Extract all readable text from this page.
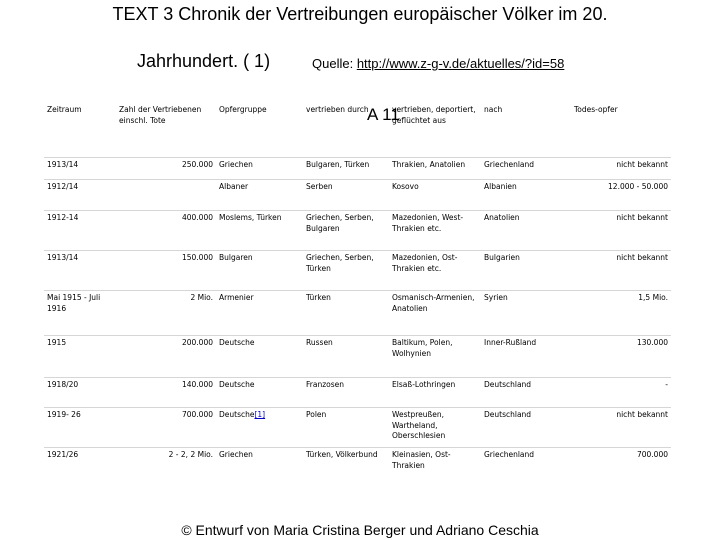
TEXT 3 Chronik der Vertreibungen europäischer Völker im 20.
Jahrhundert. ( 1)	Quelle: http://www.z-g-v.de/aktuelles/?id=58
Zeitraum	Zahl der Vertriebenen einschl. Tote	Opfergruppe	vertrieben durch	vertrieben, deportiert, geflüchtet aus	nach	Todes-opfer
1913/14	250.000	Griechen	Bulgaren, Türken	Thrakien, Anatolien	Griechenland	nicht bekannt
1912/14		Albaner	Serben	Kosovo	Albanien	12.000 - 50.000
1912-14	400.000	Moslems, Türken	Griechen, Serben, Bulgaren	Mazedonien, West-Thrakien etc.	Anatolien	nicht bekannt
1913/14	150.000	Bulgaren	Griechen, Serben, Türken	Mazedonien, Ost-Thrakien etc.	Bulgarien	nicht bekannt
Mai 1915 - Juli 1916	2 Mio.	Armenier	Türken	Osmanisch-Armenien, Anatolien	Syrien	1,5 Mio.
1915	200.000	Deutsche	Russen	Baltikum, Polen, Wolhynien	Inner-Rußland	130.000
1918/20	140.000	Deutsche	Franzosen	Elsaß-Lothringen	Deutschland	-
1919- 26	700.000	Deutsche[1]	Polen	Westpreußen, Wartheland, Oberschlesien	Deutschland	nicht bekannt
1921/26	2 - 2, 2 Mio.	Griechen	Türken, Völkerbund	Kleinasien, Ost-Thrakien	Griechenland	700.000
A 11
© Entwurf von Maria Cristina Berger und Adriano Ceschia
